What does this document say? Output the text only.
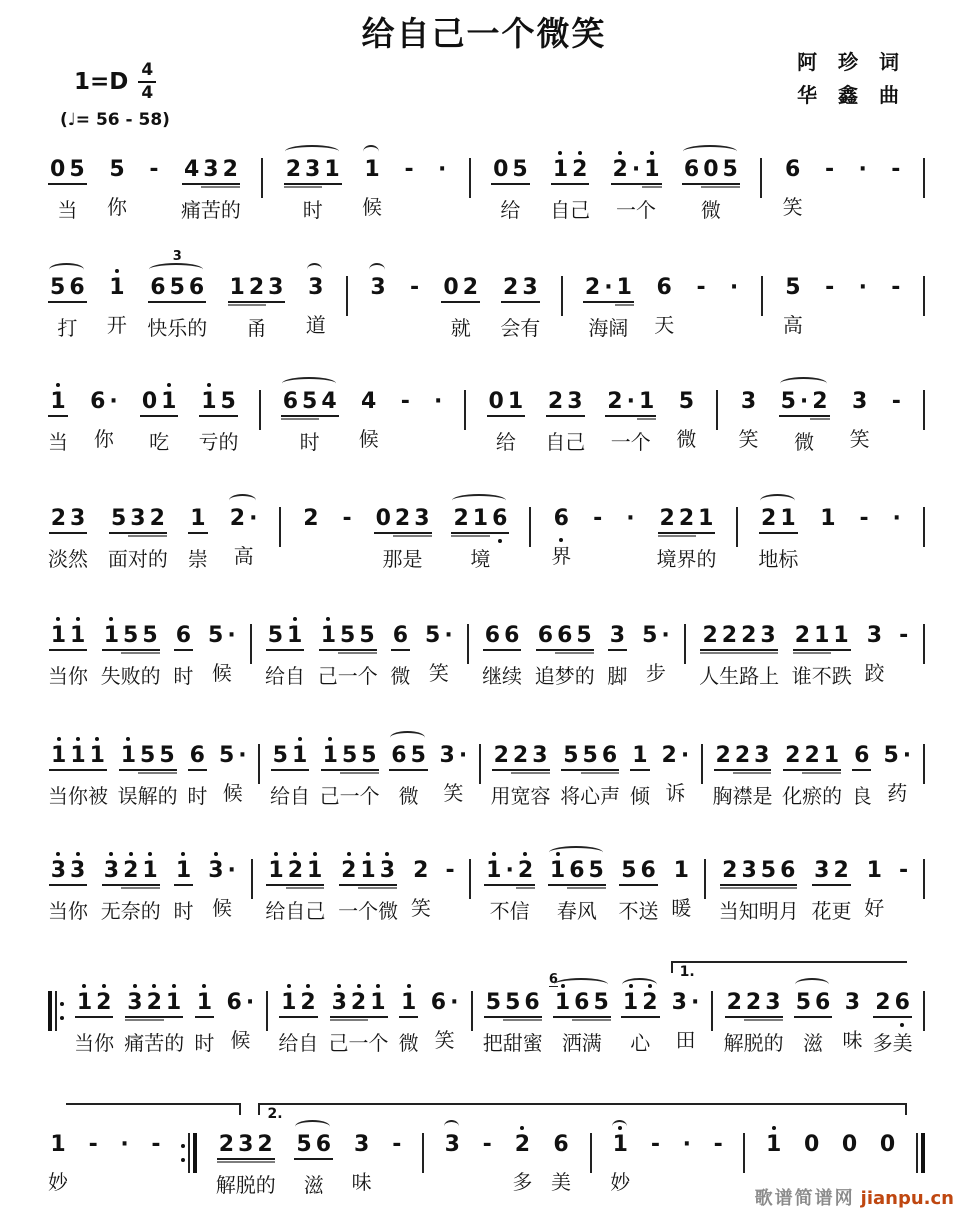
给自己一个微笑
$1=D \frac{4}{4}$
(♩= 56 - 58)
阿 珍 词
华 鑫 曲
0 5
当
5
你
- 4 3 2
痛苦的
2 3 1
时
1
候
- · 0 5
给
1 2
自己
2 · 1
一个
6 0 5
微
6
笑
- · -
5 6
打
1
开
3
6 5 6
快乐的
1 2 3
甬
3
道
3 - 0 2
就
2 3
会有
2 · 1
海阔
6
天
- · 5
高
- · -
1
当
6 ·
你
0 1
吃
1 5
亏的
6 5 4
时
4
候
- · 0 1
给
2 3
自己
2 · 1
一个
5
微
3
笑
5 · 2
微
3
笑
-
2 3
淡然
5 3 2
面对的
1
崇
2 ·
高
2 - 0 2 3
那是
2 1 6
境
6
界
- · 2 2 1
境界的
2 1
地标
1 - ·
1 1
当你
1 5 5
失败的
6
时
5 ·
候
5 1
给自
1 5 5
己一个
6
微
5 ·
笑
6 6
继续
6 6 5
追梦的
3
脚
5 ·
步
2 2 2 3
人生路上
2 1 1
谁不跌
3
跤
-
1 1 1
当你被
1 5 5
误解的
6
时
5 ·
候
5 1
给自
1 5 5
己一个
6 5
微
3 ·
笑
2 2 3
用宽容
5 5 6
将心声
1
倾
2 ·
诉
2 2 3
胸襟是
2 2 1
化瘀的
6
良
5 ·
药
3 3
当你
3 2 1
无奈的
1
时
3 ·
候
1 2 1
给自己
2 1 3
一个微
2
笑
- 1 · 2
不信
1 6 5
春风
5 6
不送
1
暖
2 3 5 6
当知明月
3 2
花更
1
好
-
1.
1 2
当你
3 2 1
痛苦的
1
时
6 ·
候
1 2
给自
3 2 1
己一个
1
微
6 ·
笑
5 5 6
把甜蜜
6
1 6 5
洒满
1 2
心
3 ·
田
2 2 3
解脱的
5 6
滋
3
味
2 6
多美
2.
1
妙
- · -	2 3 2
解脱的
5 6
滋
3
味
- 3 - 2
多
6
美
1
妙
- · - 1 0 0 0
歌谱简谱网 jianpu.cn
